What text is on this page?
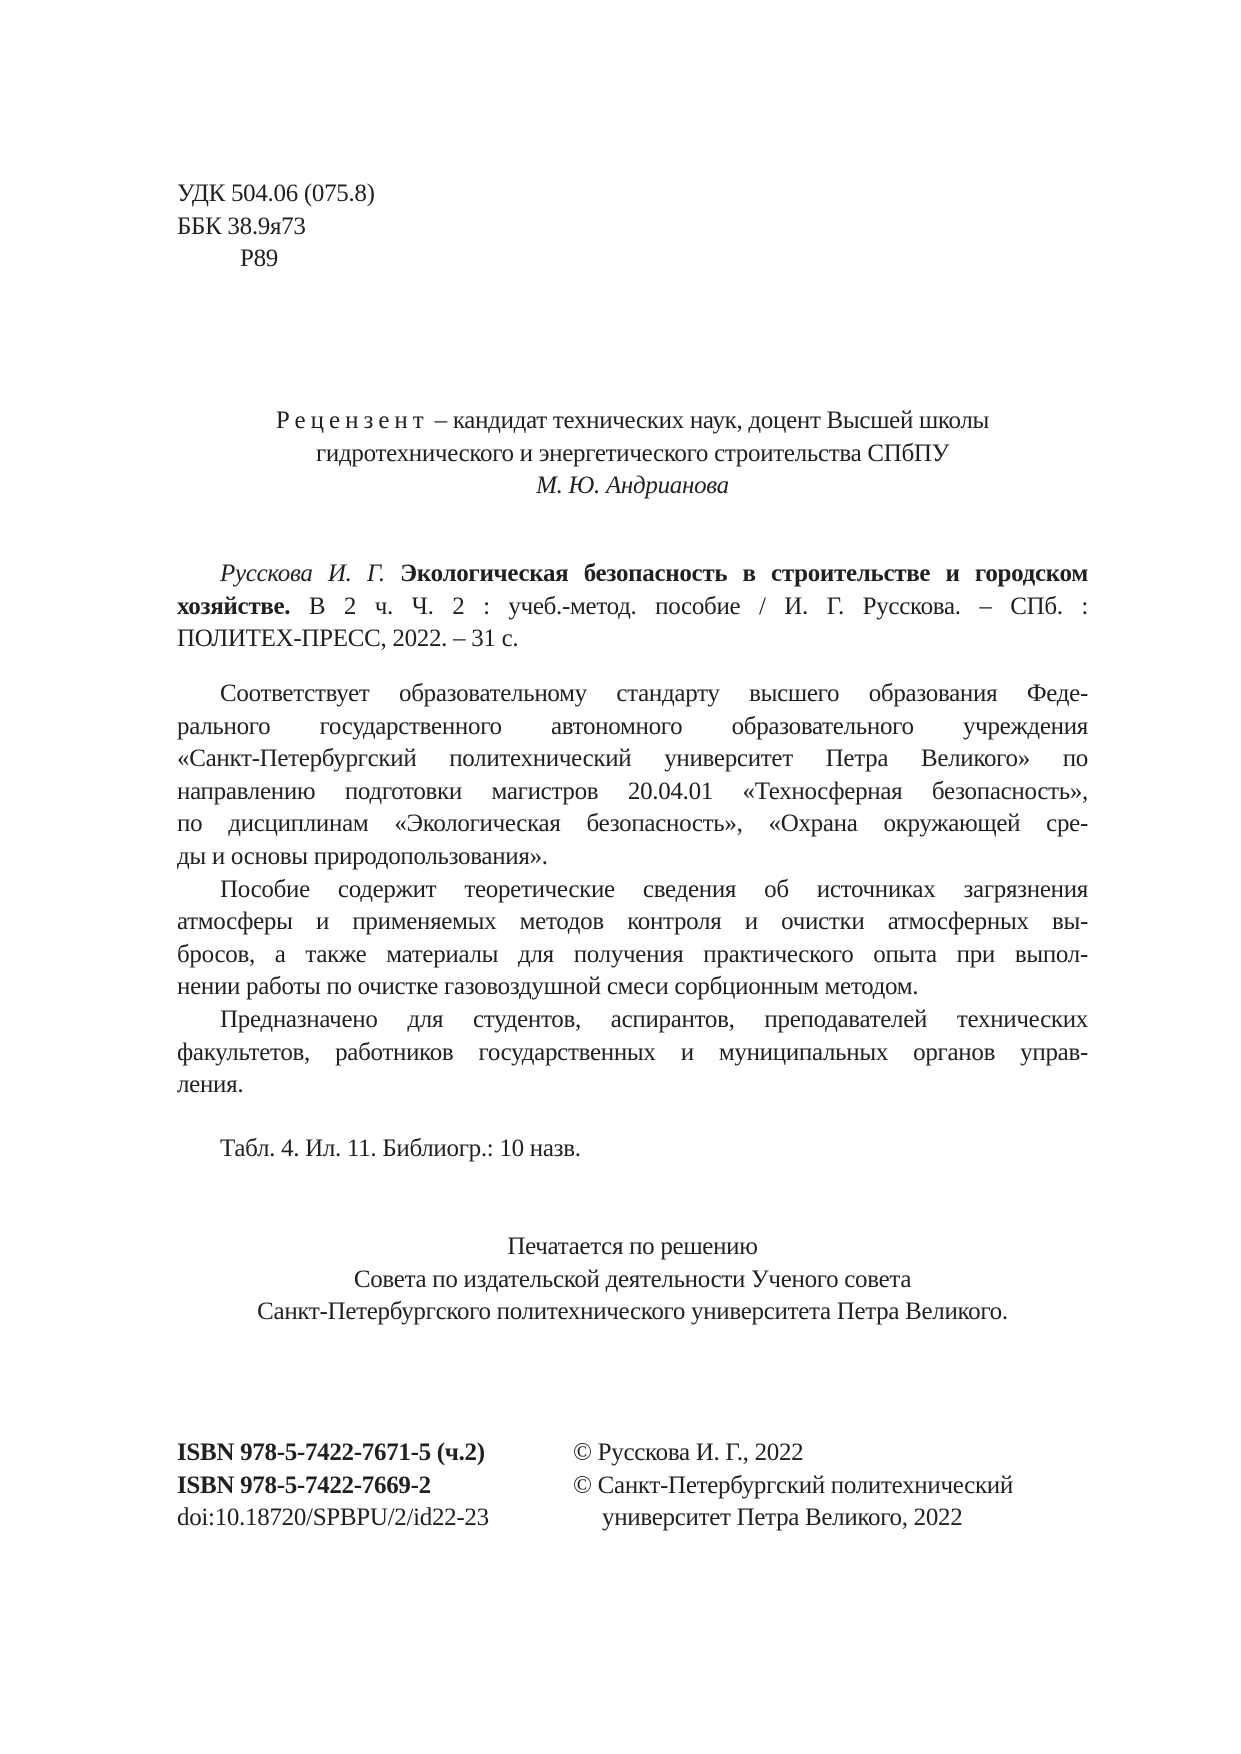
УДК 504.06 (075.8)
ББК 38.9я73
Р89
Рецензент – кандидат технических наук, доцент Высшей школы
гидротехнического и энергетического строительства СПбПУ
М. Ю. Андрианова
Русскова И. Г. Экологическая безопасность в строительстве и городском
хозяйстве. В 2 ч. Ч. 2 : учеб.-метод. пособие / И. Г. Русскова. – СПб. :
ПОЛИТЕХ-ПРЕСС, 2022. – 31 с.
Соответствует образовательному стандарту высшего образования Феде-
рального государственного автономного образовательного учреждения
«Санкт-Петербургский политехнический университет Петра Великого» по
направлению подготовки магистров 20.04.01 «Техносферная безопасность»,
по дисциплинам «Экологическая безопасность», «Охрана окружающей сре-
ды и основы природопользования».
Пособие содержит теоретические сведения об источниках загрязнения
атмосферы и применяемых методов контроля и очистки атмосферных вы-
бросов, а также материалы для получения практического опыта при выпол-
нении работы по очистке газовоздушной смеси сорбционным методом.
Предназначено для студентов, аспирантов, преподавателей технических
факультетов, работников государственных и муниципальных органов управ-
ления.
Табл. 4. Ил. 11. Библиогр.: 10 назв.
Печатается по решению
Совета по издательской деятельности Ученого совета
Санкт-Петербургского политехнического университета Петра Великого.
ISBN 978-5-7422-7671-5 (ч.2)
ISBN 978-5-7422-7669-2
doi:10.18720/SPBPU/2/id22-23
© Русскова И. Г., 2022
© Санкт-Петербургский политехнический
университет Петра Великого, 2022
